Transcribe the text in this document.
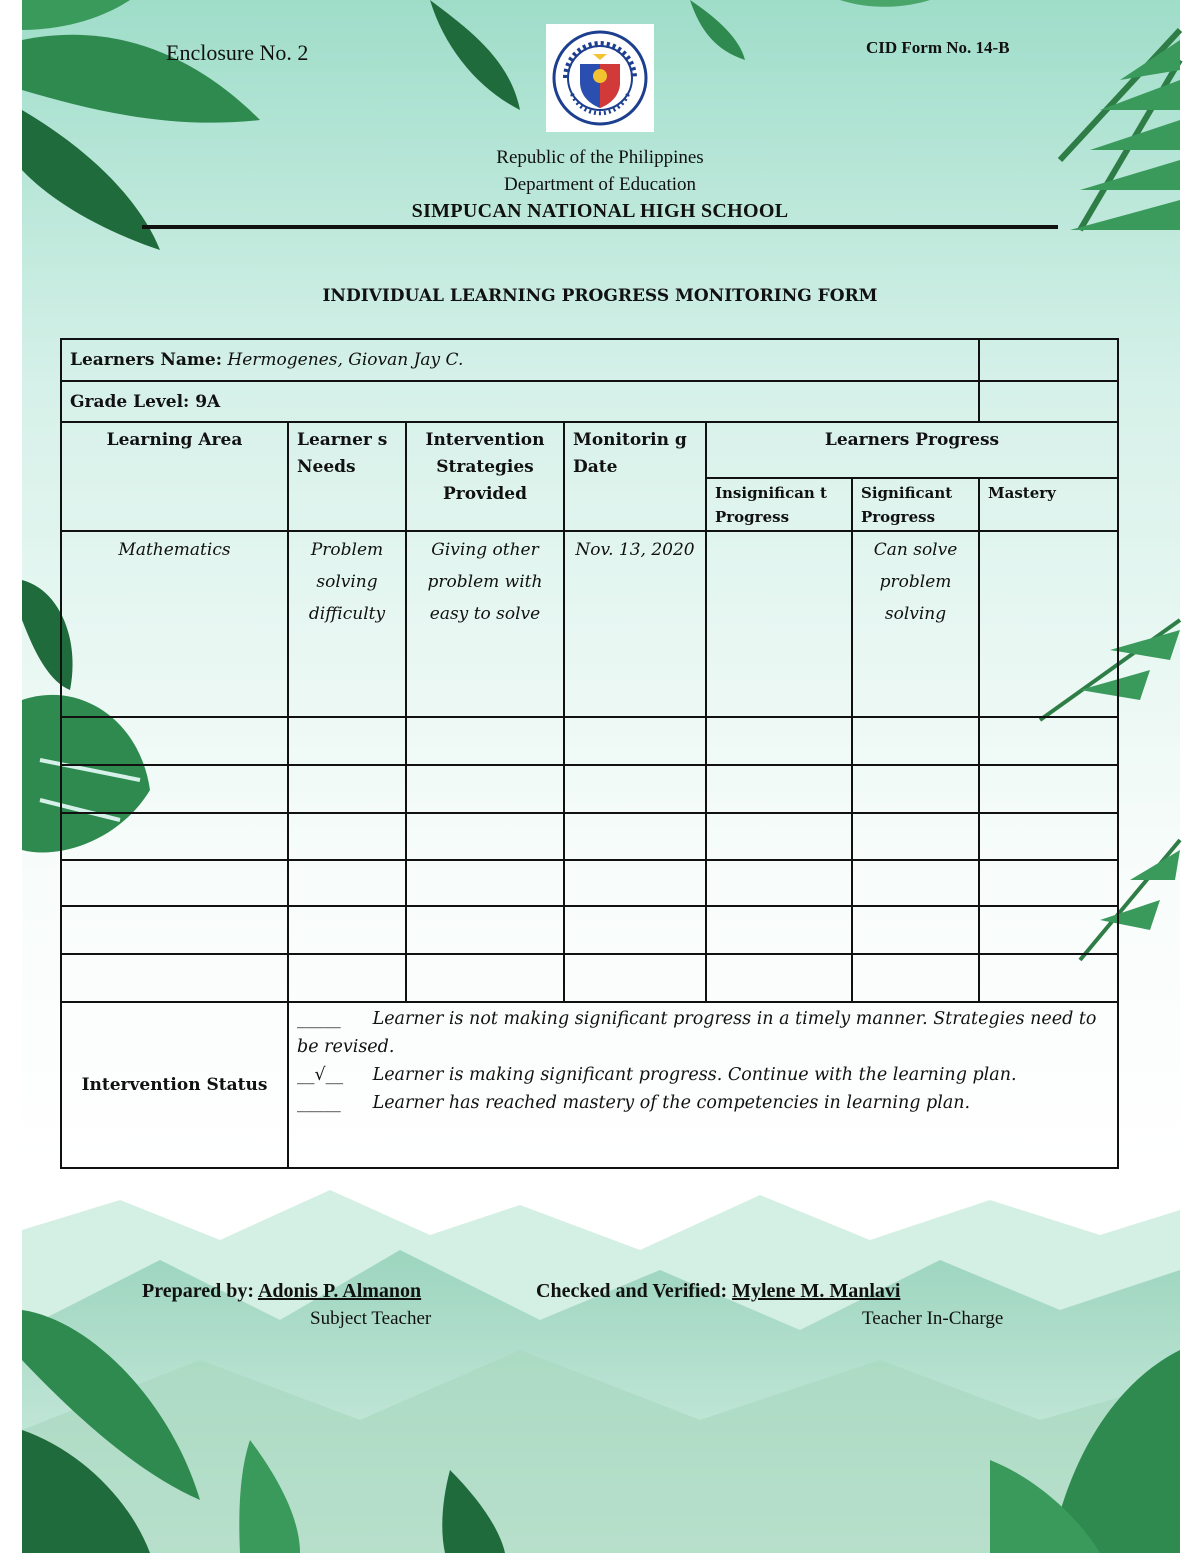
Enclosure No. 2	CID Form No. 14-B
Republic of the Philippines
Department of Education
SIMPUCAN NATIONAL HIGH SCHOOL
INDIVIDUAL LEARNING PROGRESS MONITORING FORM
Learners Name: Hermogenes, Giovan Jay C.						
Grade Level: 9A						
Learning Area	Learner s Needs	Intervention Strategies Provided	Monitorin g Date	Learners Progress		
				Insignifican t Progress	Significant Progress	Mastery
Mathematics	Problem solving difficulty	Giving other problem with easy to solve	Nov. 13, 2020		Can solve problem solving	

Intervention Status	_____ Learner is not making significant progress in a timely manner. Strategies need to be revised.
__√__ Learner is making significant progress. Continue with the learning plan.
_____ Learner has reached mastery of the competencies in learning plan.					
Prepared by: Adonis P. Almanon
Subject Teacher
Checked and Verified: Mylene M. Manlavi
Teacher In-Charge
